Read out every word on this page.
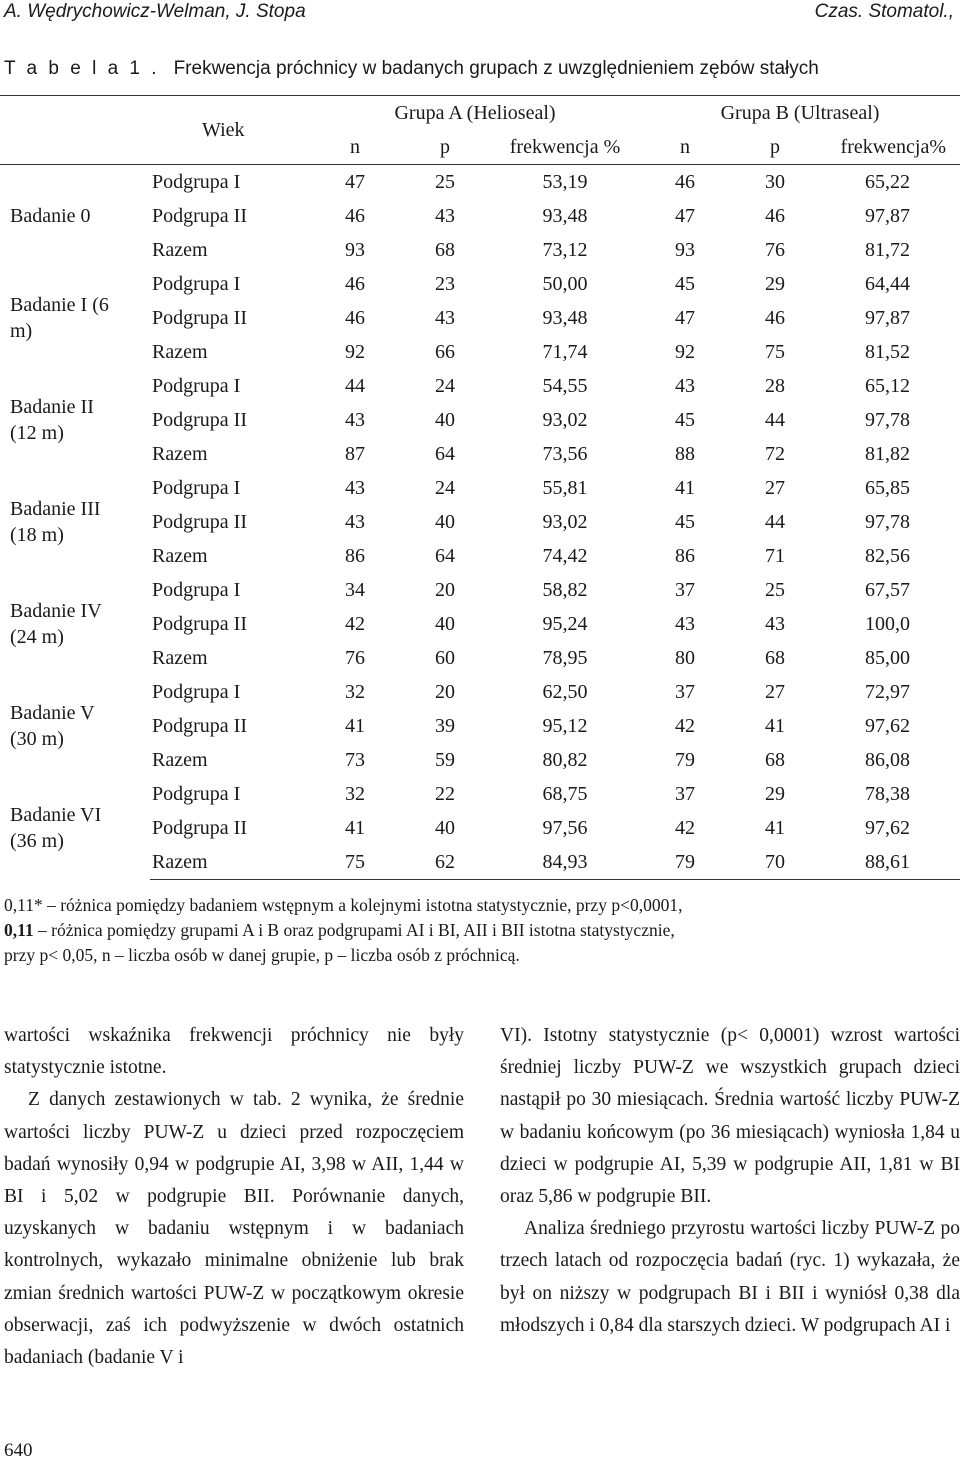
A. Wędrychowicz-Welman, J. Stopa	Czas. Stomatol.,
T a b e l a 1 . Frekwencja próchnicy w badanych grupach z uwzględnieniem zębów stałych
	Wiek	Grupa A (Helioseal)			Grupa B (Ultraseal)		
		n	p	frekwencja %	n	p	frekwencja%
Badanie 0	Podgrupa I	47	25	53,19	46	30	65,22
	Podgrupa II	46	43	93,48	47	46	97,87
	Razem	93	68	73,12	93	76	81,72
Badanie I (6 m)	Podgrupa I	46	23	50,00	45	29	64,44
	Podgrupa II	46	43	93,48	47	46	97,87
	Razem	92	66	71,74	92	75	81,52
Badanie II (12 m)	Podgrupa I	44	24	54,55	43	28	65,12
	Podgrupa II	43	40	93,02	45	44	97,78
	Razem	87	64	73,56	88	72	81,82
Badanie III (18 m)	Podgrupa I	43	24	55,81	41	27	65,85
	Podgrupa II	43	40	93,02	45	44	97,78
	Razem	86	64	74,42	86	71	82,56
Badanie IV (24 m)	Podgrupa I	34	20	58,82	37	25	67,57
	Podgrupa II	42	40	95,24	43	43	100,0
	Razem	76	60	78,95	80	68	85,00
Badanie V (30 m)	Podgrupa I	32	20	62,50	37	27	72,97
	Podgrupa II	41	39	95,12	42	41	97,62
	Razem	73	59	80,82	79	68	86,08
Badanie VI (36 m)	Podgrupa I	32	22	68,75	37	29	78,38
	Podgrupa II	41	40	97,56	42	41	97,62
	Razem	75	62	84,93	79	70	88,61
0,11* – różnica pomiędzy badaniem wstępnym a kolejnymi istotna statystycznie, przy p<0,0001,
0,11 – różnica pomiędzy grupami A i B oraz podgrupami AI i BI, AII i BII istotna statystycznie,
przy p< 0,05, n – liczba osób w danej grupie, p – liczba osób z próchnicą.

wartości wskaźnika frekwencji próchnicy nie były statystycznie istotne.

Z danych zestawionych w tab. 2 wynika, że średnie wartości liczby PUW-Z u dzieci przed rozpoczęciem badań wynosiły 0,94 w podgrupie AI, 3,98 w AII, 1,44 w BI i 5,02 w podgrupie BII. Porównanie danych, uzyskanych w badaniu wstępnym i w badaniach kontrolnych, wykazało minimalne obniżenie lub brak zmian średnich wartości PUW-Z w początkowym okresie obserwacji, zaś ich podwyższenie w dwóch ostatnich badaniach (badanie V i

VI). Istotny statystycznie (p< 0,0001) wzrost wartości średniej liczby PUW-Z we wszystkich grupach dzieci nastąpił po 30 miesiącach. Średnia wartość liczby PUW-Z w badaniu końcowym (po 36 miesiącach) wyniosła 1,84 u dzieci w podgrupie AI, 5,39 w podgrupie AII, 1,81 w BI oraz 5,86 w podgrupie BII.

Analiza średniego przyrostu wartości liczby PUW-Z po trzech latach od rozpoczęcia badań (ryc. 1) wykazała, że był on niższy w podgrupach BI i BII i wyniósł 0,38 dla młodszych i 0,84 dla starszych dzieci. W podgrupach AI i

640
